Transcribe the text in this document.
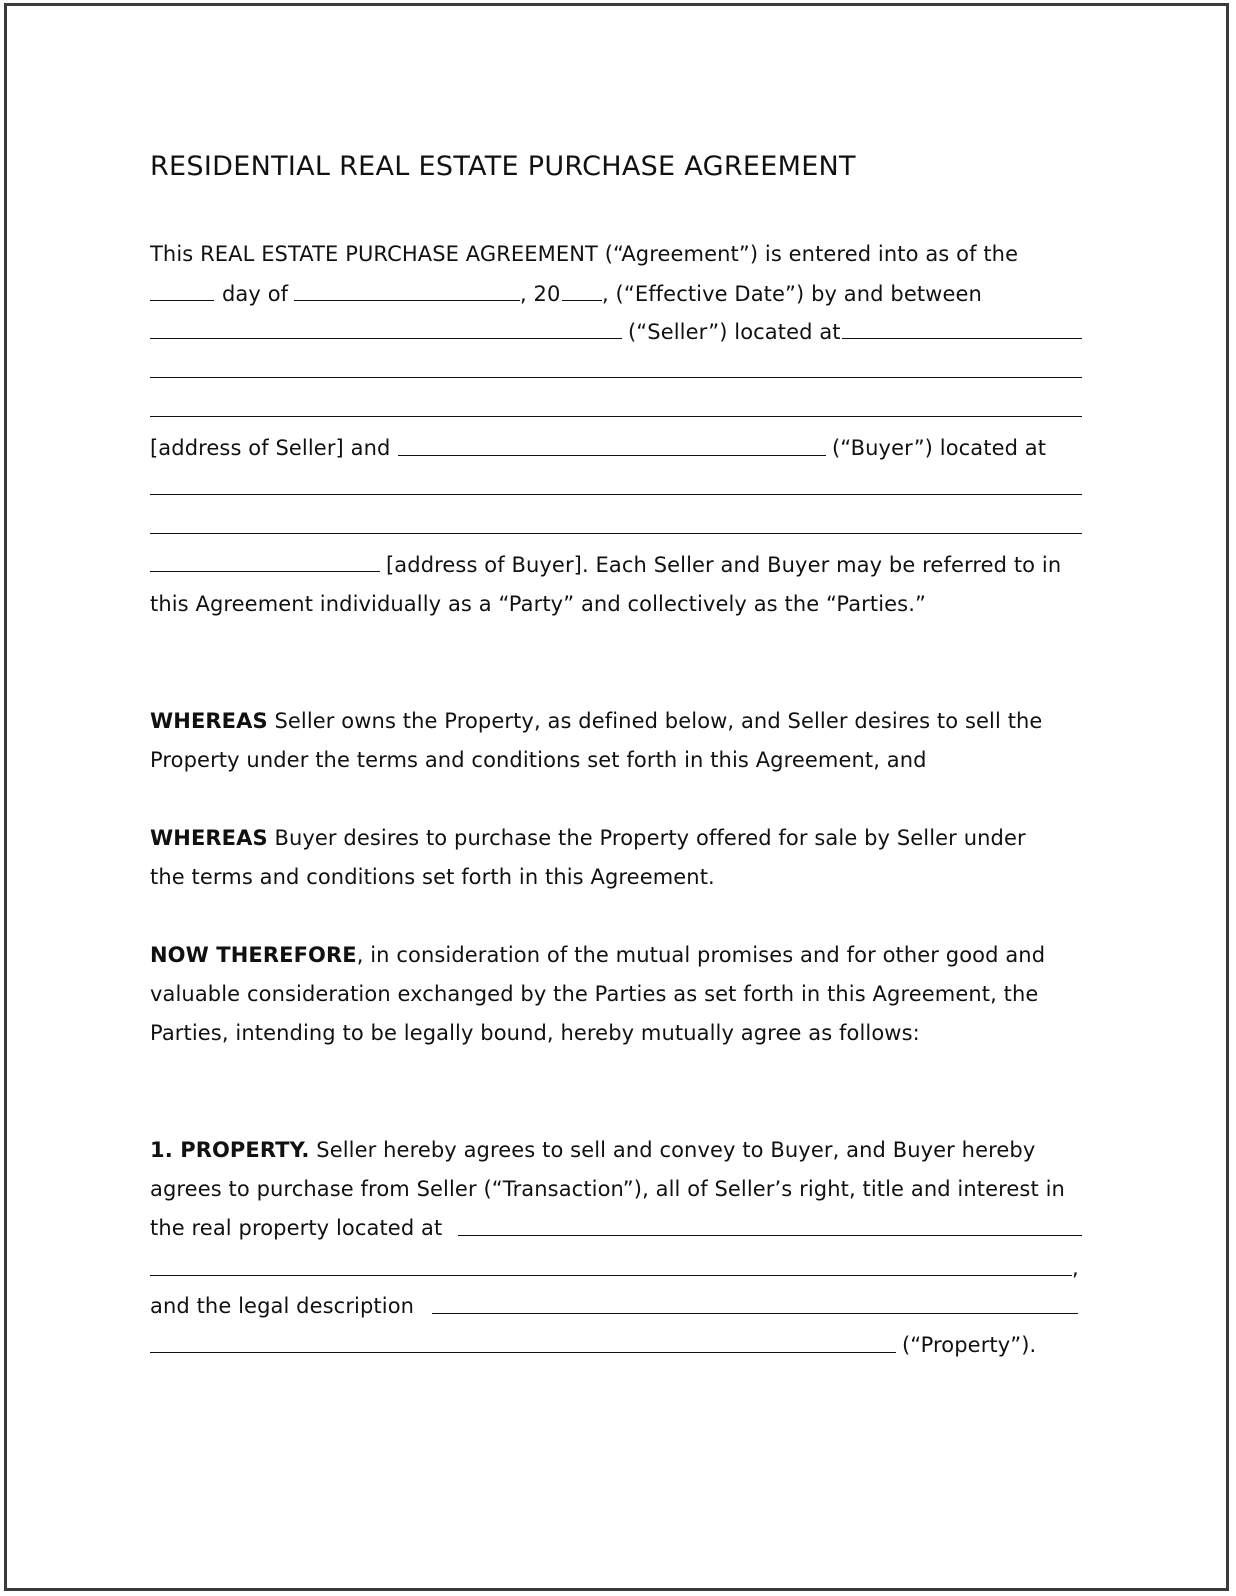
RESIDENTIAL REAL ESTATE PURCHASE AGREEMENT
This REAL ESTATE PURCHASE AGREEMENT (“Agreement”) is entered into as of the
day of	, 20 , (“Effective Date”) by and between
(“Seller”) located at
[address of Seller] and	(“Buyer”) located at
[address of Buyer]. Each Seller and Buyer may be referred to in
this Agreement individually as a “Party” and collectively as the “Parties.”
WHEREAS Seller owns the Property, as defined below, and Seller desires to sell the
Property under the terms and conditions set forth in this Agreement, and
WHEREAS Buyer desires to purchase the Property offered for sale by Seller under
the terms and conditions set forth in this Agreement.
NOW THEREFORE, in consideration of the mutual promises and for other good and
valuable consideration exchanged by the Parties as set forth in this Agreement, the
Parties, intending to be legally bound, hereby mutually agree as follows:
1. PROPERTY. Seller hereby agrees to sell and convey to Buyer, and Buyer hereby
agrees to purchase from Seller (“Transaction”), all of Seller’s right, title and interest in
the real property located at
,
and the legal description
(“Property”).
